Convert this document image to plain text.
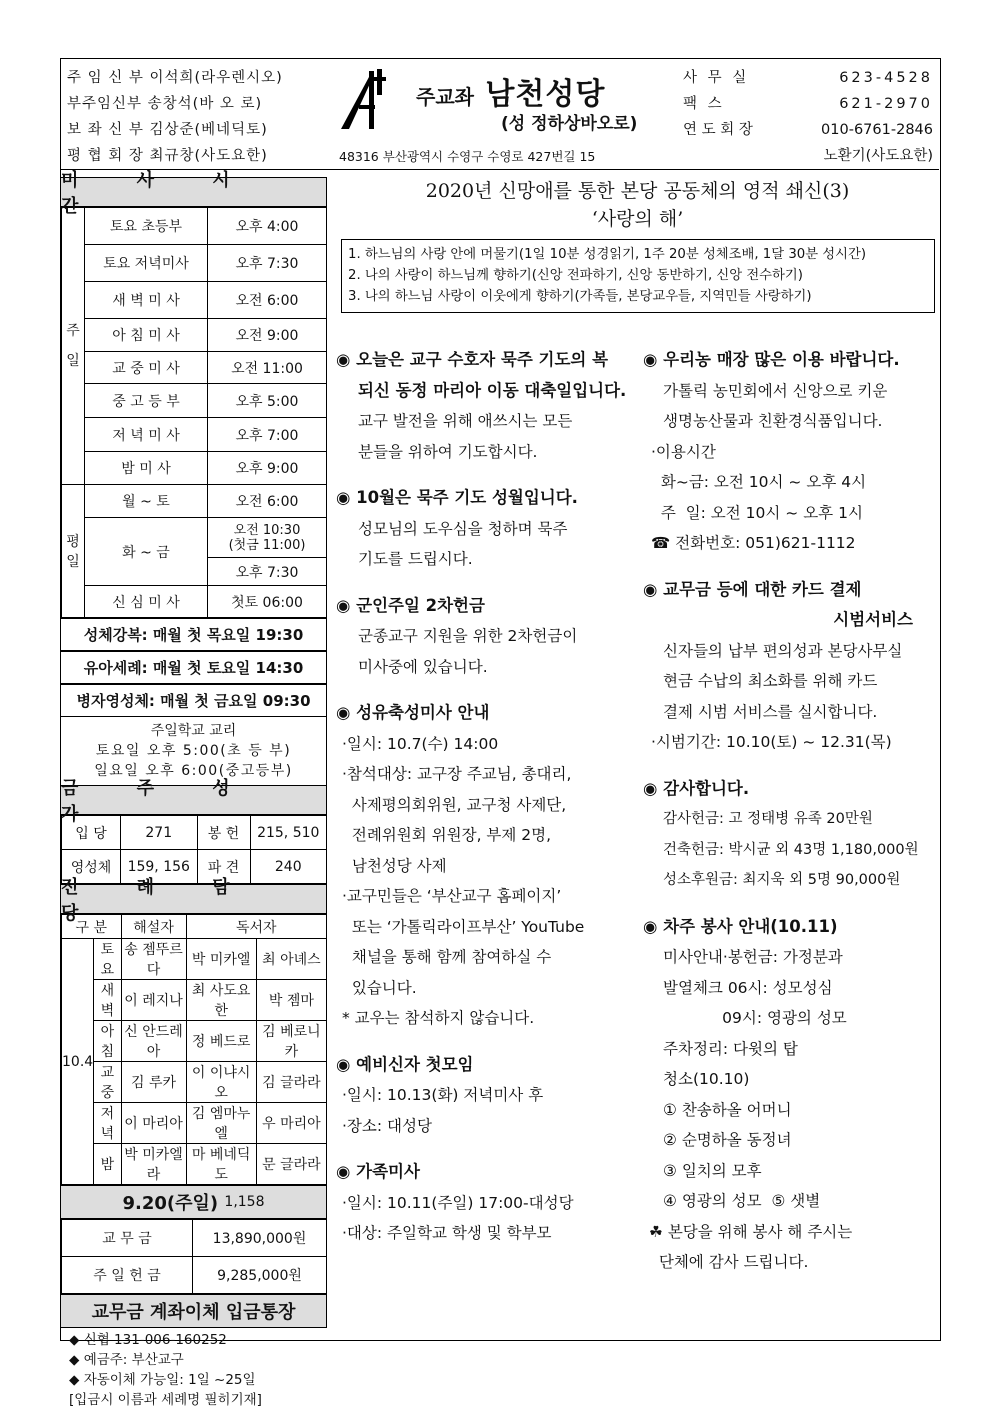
주 임 신 부 이석희(라우렌시오)
부주임신부 송창석(바 오 로)
보 좌 신 부 김상준(베네딕토)
평 협 회 장 최규창(사도요한)
주교좌 남천성당
(성 정하상바오로)
48316 부산광역시 수영구 수영로 427번길 15
사 무 실	623-4528
팩 스	621-2970
연 도 회 장	010-6761-2846
노환기(사도요한)
미 사 시 간
주일	토요 초등부	오후 4:00
	토요 저녁미사	오후 7:30
	새 벽 미 사	오전 6:00
	아 침 미 사	오전 9:00
	교 중 미 사	오전 11:00
	중 고 등 부	오후 5:00
	저 녁 미 사	오후 7:00
	밤 미 사	오후 9:00
평일	월 ~ 토	오전 6:00
	화 ~ 금	오전 10:30
(첫금 11:00)

		오후 7:30
	신 심 미 사	첫토 06:00
성체강복: 매월 첫 목요일 19:30
유아세례: 매월 첫 토요일 14:30
병자영성체: 매월 첫 금요일 09:30
주일학교 교리
토요일 오후 5:00(초 등 부)
일요일 오후 6:00(중고등부)
금 주 성 가
입 당	271	봉 헌	215, 510
영성체	159, 156	파 견	240
전 례 담 당
구 분		해설자	독서자	
10.4	토요	송 젬뚜르다	박 미카엘	최 아녜스
	새벽	이 레지나	최 사도요한	박 젬마
	아침	신 안드레아	정 베드로	김 베로니카
	교중	김 루카	이 이냐시오	김 글라라
	저녁	이 마리아	김 엠마누엘	우 마리아
	밤	박 미카엘라	마 베네딕도	문 글라라
9.20(주일)
1,158
교 무 금	13,890,000원
주 일 헌 금	9,285,000원
교무금 계좌이체 입금통장
◆ 신협 131-006-160252
◆ 예금주: 부산교구
◆ 자동이체 가능일: 1일 ~25일
[입금시 이름과 세례명 필히기재]
2020년 신망애를 통한 본당 공동체의 영적 쇄신(3)
‘사랑의 해’
1. 하느님의 사랑 안에 머물기(1일 10분 성경읽기, 1주 20분 성체조배, 1달 30분 성시간)
2. 나의 사랑이 하느님께 향하기(신앙 전파하기, 신앙 동반하기, 신앙 전수하기)
3. 나의 하느님 사랑이 이웃에게 향하기(가족들, 본당교우들, 지역민들 사랑하기)
◉ 오늘은 교구 수호자 묵주 기도의 복
되신 동정 마리아 이동 대축일입니다.

교구 발전을 위해 애쓰시는 모든

분들을 위하여 기도합시다.

◉ 10월은 묵주 기도 성월입니다.

성모님의 도우심을 청하며 묵주

기도를 드립시다.

◉ 군인주일 2차헌금

군종교구 지원을 위한 2차헌금이

미사중에 있습니다.

◉ 성유축성미사 안내

·일시: 10.7(수) 14:00

·참석대상: 교구장 주교님, 총대리,

사제평의회위원, 교구청 사제단,

전례위원회 위원장, 부제 2명,

남천성당 사제

·교구민들은 ‘부산교구 홈페이지’

또는 ‘가톨릭라이프부산’ YouTube

채널을 통해 함께 참여하실 수

있습니다.

* 교우는 참석하지 않습니다.

◉ 예비신자 첫모임

·일시: 10.13(화) 저녁미사 후

·장소: 대성당

◉ 가족미사

·일시: 10.11(주일) 17:00-대성당

·대상: 주일학교 학생 및 학부모

◉ 우리농 매장 많은 이용 바랍니다.

가톨릭 농민회에서 신앙으로 키운

생명농산물과 친환경식품입니다.

·이용시간

화~금: 오전 10시 ~ 오후 4시

주  일: 오전 10시 ~ 오후 1시

☎ 전화번호: 051)621-1112

◉ 교무금 등에 대한 카드 결제
시범서비스

신자들의 납부 편의성과 본당사무실

현금 수납의 최소화를 위해 카드

결제 시범 서비스를 실시합니다.

·시범기간: 10.10(토) ~ 12.31(목)

◉ 감사합니다.

감사헌금: 고 정태병 유족 20만원

건축헌금: 박시균 외 43명 1,180,000원

성소후원금: 최지욱 외 5명 90,000원

◉ 차주 봉사 안내(10.11)

미사안내·봉헌금: 가정분과

발열체크 06시: 성모성심

09시: 영광의 성모

주차정리: 다윗의 탑

청소(10.10)

① 찬송하올 어머니

② 순명하올 동정녀

③ 일치의 모후

④ 영광의 성모  ⑤ 샛별

☘ 본당을 위해 봉사 해 주시는

단체에 감사 드립니다.
